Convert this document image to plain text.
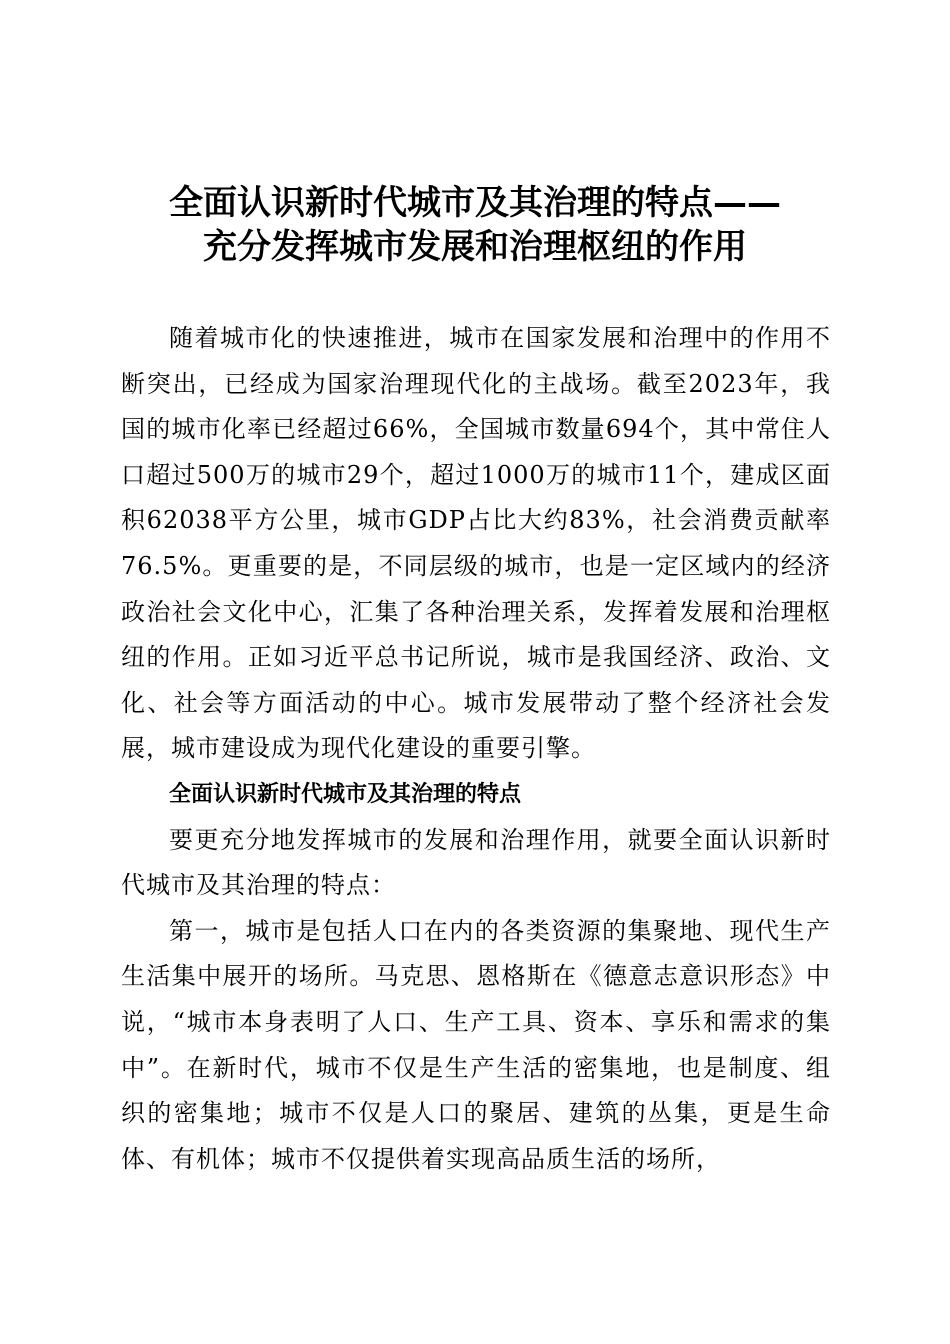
全面认识新时代城市及其治理的特点——
充分发挥城市发展和治理枢纽的作用

随着城市化的快速推进，城市在国家发展和治理中的作用不断突出，已经成为国家治理现代化的主战场。截至2023年，我国的城市化率已经超过66%，全国城市数量694个，其中常住人口超过500万的城市29个，超过1000万的城市11个，建成区面积62038平方公里，城市GDP占比大约83%，社会消费贡献率76.5%。更重要的是，不同层级的城市，也是一定区域内的经济政治社会文化中心，汇集了各种治理关系，发挥着发展和治理枢纽的作用。正如习近平总书记所说，城市是我国经济、政治、文化、社会等方面活动的中心。城市发展带动了整个经济社会发展，城市建设成为现代化建设的重要引擎。

全面认识新时代城市及其治理的特点

要更充分地发挥城市的发展和治理作用，就要全面认识新时代城市及其治理的特点：

第一，城市是包括人口在内的各类资源的集聚地、现代生产生活集中展开的场所。马克思、恩格斯在《德意志意识形态》中说，“城市本身表明了人口、生产工具、资本、享乐和需求的集中”。在新时代，城市不仅是生产生活的密集地，也是制度、组织的密集地；城市不仅是人口的聚居、建筑的丛集，更是生命体、有机体；城市不仅提供着实现高品质生活的场所，
